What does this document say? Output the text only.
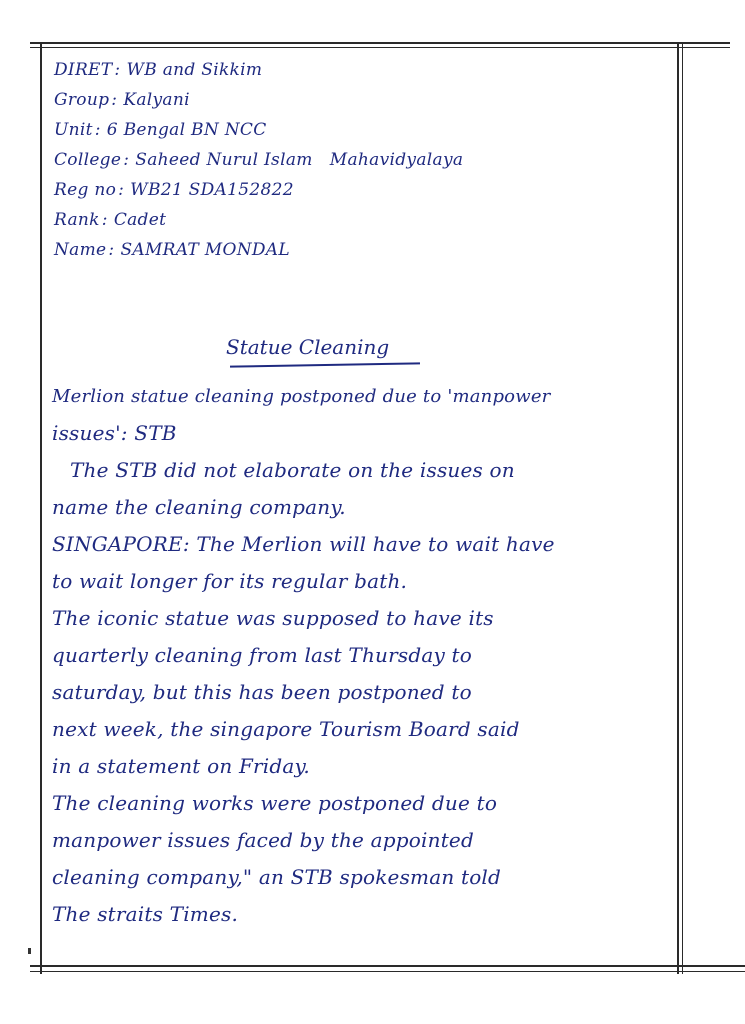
DIRET : WB and Sikkim
Group : Kalyani
Unit : 6 Bengal BN NCC
College : Saheed Nurul Islam   Mahavidyalaya
Reg no : WB21 SDA152822
Rank : Cadet
Name : SAMRAT MONDAL
Statue Cleaning
Merlion statue cleaning postponed due to 'manpower
issues': STB
The STB did not elaborate on the issues on
name the cleaning company.
SINGAPORE: The Merlion will have to wait have
to wait longer for its regular bath.
The iconic statue was supposed to have its
quarterly cleaning from last Thursday to
saturday, but this has been postponed to
next week, the singapore Tourism Board said
in a statement on Friday.
The cleaning works were postponed due to
manpower issues faced by the appointed
cleaning company," an STB spokesman told
The straits Times.
